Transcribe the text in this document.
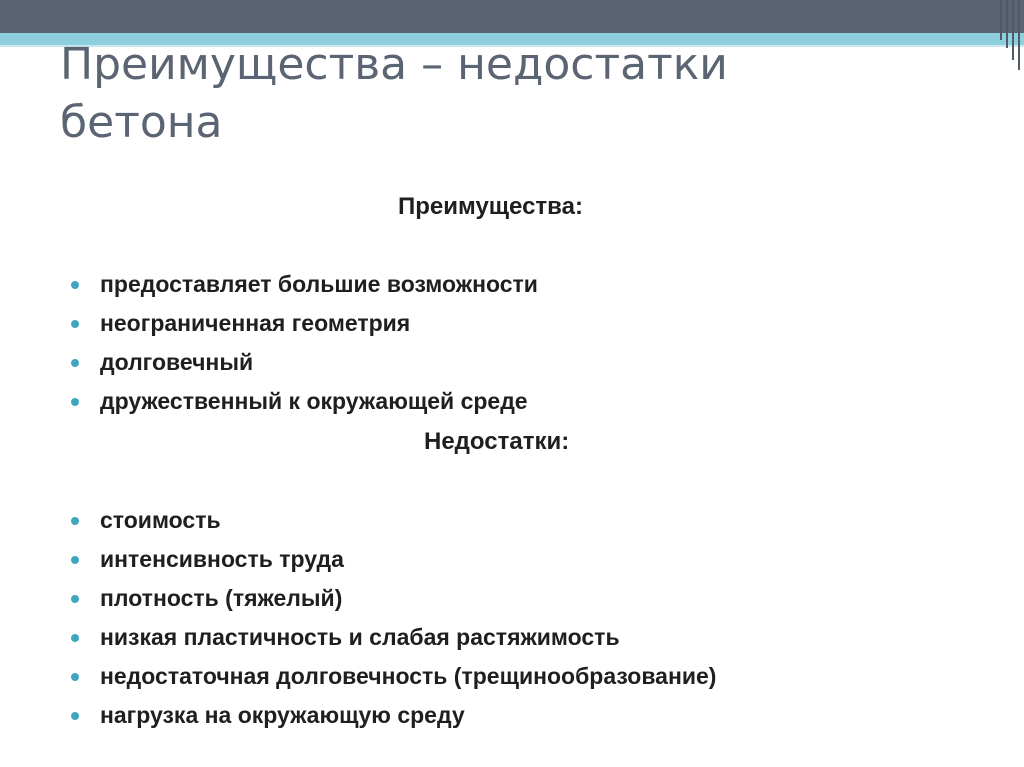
Преимущества – недостатки
бетона
Преимущества:
предоставляет большие возможности
неограниченная геометрия
долговечный
дружественный к окружающей среде
Недостатки:
стоимость
интенсивность труда
плотность (тяжелый)
низкая пластичность и слабая растяжимость
недостаточная долговечность (трещинообразование)
нагрузка на окружающую среду
